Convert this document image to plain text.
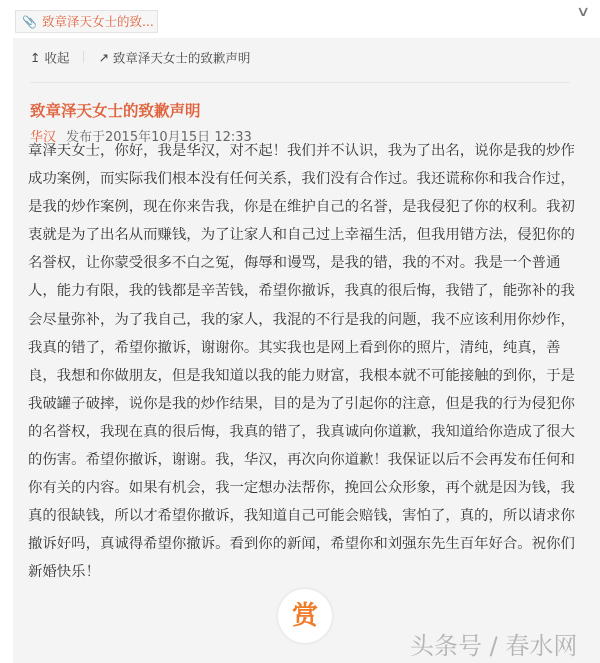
📎 致章泽天女士的致...
∨
↥ 收起 ↗ 致章泽天女士的致歉声明
致章泽天女士的致歉声明
华汉 发布于2015年10月15日 12:33
章泽天女士，你好，我是华汉，对不起！我们并不认识，我为了出名，说你是我的炒作
成功案例，而实际我们根本没有任何关系，我们没有合作过。我还谎称你和我合作过，
是我的炒作案例，现在你来告我，你是在维护自己的名誉，是我侵犯了你的权利。我初
衷就是为了出名从而赚钱，为了让家人和自己过上幸福生活，但我用错方法，侵犯你的
名誉权，让你蒙受很多不白之冤，侮辱和谩骂，是我的错，我的不对。我是一个普通
人，能力有限，我的钱都是辛苦钱，希望你撤诉，我真的很后悔，我错了，能弥补的我
会尽量弥补，为了我自己，我的家人，我混的不行是我的问题，我不应该利用你炒作，
我真的错了，希望你撤诉，谢谢你。其实我也是网上看到你的照片，清纯，纯真，善
良，我想和你做朋友，但是我知道以我的能力财富，我根本就不可能接触的到你，于是
我破罐子破摔，说你是我的炒作结果，目的是为了引起你的注意，但是我的行为侵犯你
的名誉权，我现在真的很后悔，我真的错了，我真诚向你道歉，我知道给你造成了很大
的伤害。希望你撤诉，谢谢。我，华汉，再次向你道歉！我保证以后不会再发布任何和
你有关的内容。如果有机会，我一定想办法帮你，挽回公众形象，再个就是因为钱，我
真的很缺钱，所以才希望你撤诉，我知道自己可能会赔钱，害怕了，真的，所以请求你
撤诉好吗，真诚得希望你撤诉。看到你的新闻，希望你和刘强东先生百年好合。祝你们
新婚快乐！
赏
头条号 / 春水网
